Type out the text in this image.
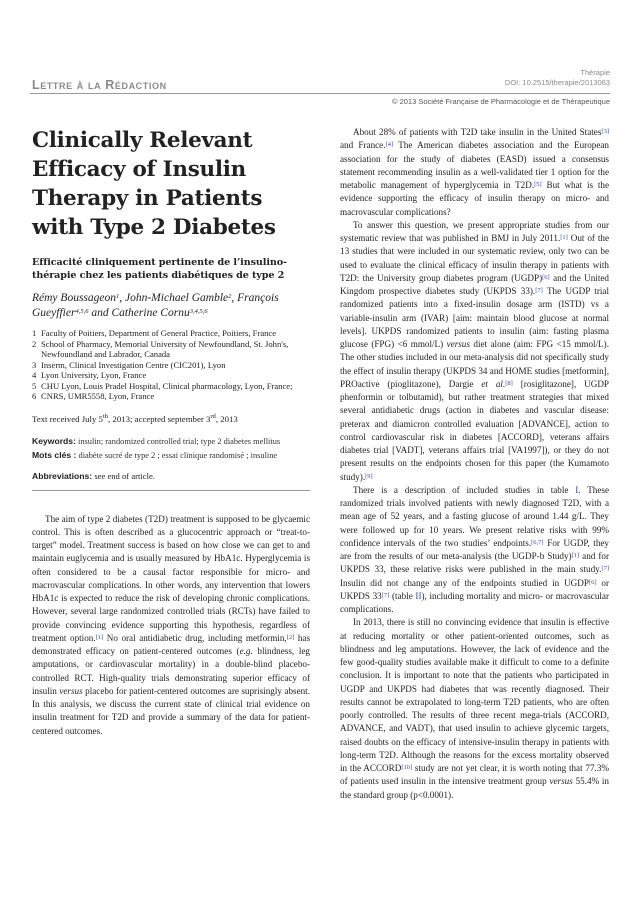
Lettre à la Rédaction
Thérapie
DOI: 10.2515/therapie/2013063
© 2013 Société Française de Pharmacologie et de Thérapeutique
Clinically Relevant
Efficacy of Insulin
Therapy in Patients
with Type 2 Diabetes
Efficacité cliniquement pertinente de l’insulino-thérapie chez les patients diabétiques de type 2
Rémy Boussageon$^1$, John-Michael Gamble$^2$, François Gueyffier$^{4,5,6}$ and Catherine Cornu$^{3,4,5,6}$
1 Faculty of Poitiers, Department of General Practice, Poitiers, France
2 School of Pharmacy, Memorial University of Newfoundland, St. John's, Newfoundland and Labrador, Canada
3 Inserm, Clinical Investigation Centre (CIC201), Lyon
4 Lyon University, Lyon, France
5 CHU Lyon, Louis Pradel Hospital, Clinical pharmacology, Lyon, France;
6 CNRS, UMR5558, Lyon, France
Text received July 5th, 2013; accepted september 3rd, 2013
Keywords: insulin; randomized controlled trial; type 2 diabetes mellitus
Mots clés : diabète sucré de type 2 ; essai clinique randomisé ; insuline
Abbreviations: see end of article.

The aim of type 2 diabetes (T2D) treatment is supposed to be glycaemic control. This is often described as a glucocentric approach or “treat-to-target” model. Treatment success is based on how close we can get to and maintain euglycemia and is usually measured by HbA1c. Hyperglycemia is often considered to be a causal factor responsible for micro- and macrovascular complications. In other words, any intervention that lowers HbA1c is expected to reduce the risk of developing chronic complications. However, several large randomized controlled trials (RCTs) have failed to provide convincing evidence supporting this hypothesis, regardless of treatment option.[1] No oral antidiabetic drug, including metformin,[2] has demonstrated efficacy on patient-centered outcomes (e.g. blindness, leg amputations, or cardiovascular mortality) in a double-blind placebo-controlled RCT. High-quality trials demonstrating superior efficacy of insulin versus placebo for patient-centered outcomes are suprisingly absent. In this analysis, we discuss the current state of clinical trial evidence on insulin treatment for T2D and provide a summary of the data for patient-centered outcomes.

About 28% of patients with T2D take insulin in the United States[3] and France.[4] The American diabetes association and the European association for the study of diabetes (EASD) issued a consensus statement recommending insulin as a well-validated tier 1 option for the metabolic management of hyperglycemia in T2D.[5] But what is the evidence supporting the efficacy of insulin therapy on micro- and macrovascular complications?

To answer this question, we present appropriate studies from our systematic review that was published in BMJ in July 2011.[1] Out of the 13 studies that were included in our systematic review, only two can be used to evaluate the clinical efficacy of insulin therapy in patients with T2D: the University group diabetes program (UGDP)[6] and the United Kingdom prospective diabetes study (UKPDS 33).[7] The UGDP trial randomized patients into a fixed-insulin dosage arm (ISTD) vs a variable-insulin arm (IVAR) [aim: maintain blood glucose at normal levels]. UKPDS randomized patients to insulin (aim: fasting plasma glucose (FPG) <6 mmol/L) versus diet alone (aim: FPG <15 mmol/L). The other studies included in our meta-analysis did not specifically study the effect of insulin therapy (UKPDS 34 and HOME studies [metformin], PROactive (pioglitazone), Dargie et al.[8] [rosiglitazone], UGDP phenformin or tolbutamid), but rather treatment strategies that mixed several antidiabetic drugs (action in diabetes and vascular disease: preterax and diamicron controlled evaluation [ADVANCE], action to control cardiovascular risk in diabetes [ACCORD], veterans affairs diabetes trial [VADT], veterans affairs trial [VA1997]), or they do not present results on the endpoints chosen for this paper (the Kumamoto study).[9]

There is a description of included studies in table I. These randomized trials involved patients with newly diagnosed T2D, with a mean age of 52 years, and a fasting glucose of around 1.44 g/L. They were followed up for 10 years. We present relative risks with 99% confidence intervals of the two studies’ endpoints.[6,7] For UGDP, they are from the results of our meta-analysis (the UGDP-b Study)[1] and for UKPDS 33, these relative risks were published in the main study.[7] Insulin did not change any of the endpoints studied in UGDP[6] or UKPDS 33[7] (table II), including mortality and micro- or macrovascular complications.

In 2013, there is still no convincing evidence that insulin is effective at reducing mortality or other patient-oriented outcomes, such as blindness and leg amputations. However, the lack of evidence and the few good-quality studies available make it difficult to come to a definite conclusion. It is important to note that the patients who participated in UGDP and UKPDS had diabetes that was recently diagnosed. Their results cannot be extrapolated to long-term T2D patients, who are often poorly controlled. The results of three recent mega-trials (ACCORD, ADVANCE, and VADT), that used insulin to achieve glycemic targets, raised doubts on the efficacy of intensive-insulin therapy in patients with long-term T2D. Although the reasons for the excess mortality observed in the ACCORD[10] study are not yet clear, it is worth noting that 77.3% of patients used insulin in the intensive treatment group versus 55.4% in the standard group (p<0.0001).
